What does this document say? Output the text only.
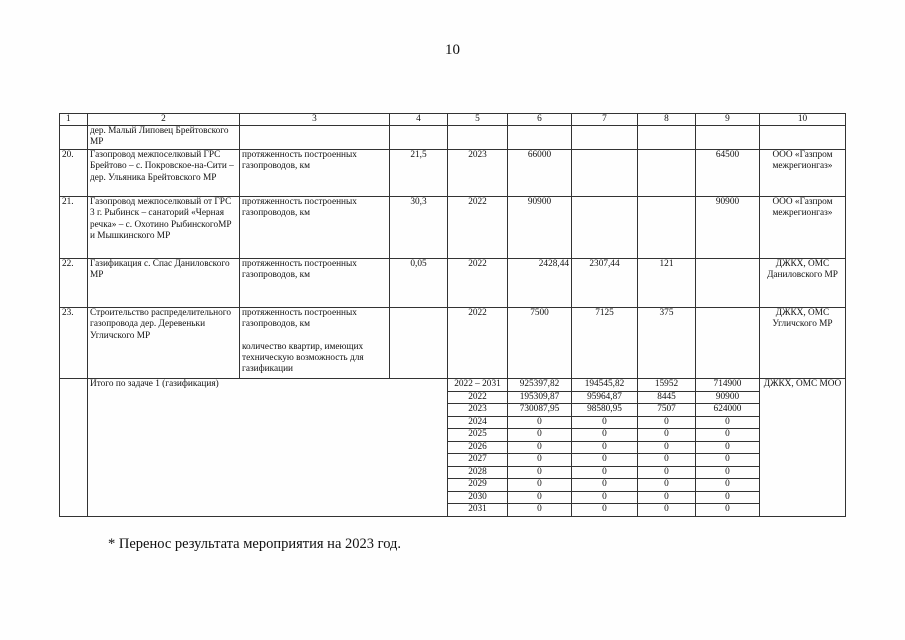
10
1	2	3	4	5	6	7	8	9	10
	дер. Малый Липовец Брейтовского МР								
20.	Газопровод межпоселковый ГРС Брейтово – с. Покровское-на-Сити – дер. Ульяника Брейтовского МР	протяженность построенных газопроводов, км	21,5	2023	66000			64500	ООО «Газпром межрегионгаз»
21.	Газопровод межпоселковый от ГРС 3 г. Рыбинск – санаторий «Черная речка» – с. Охотино РыбинскогоМР и Мышкинского МР	протяженность построенных газопроводов, км	30,3	2022	90900			90900	ООО «Газпром межрегионгаз»
22.	Газификация с. Спас Даниловского МР	протяженность построенных газопроводов, км	0,05	2022	2428,44	2307,44	121		ДЖКХ, ОМС Даниловского МР
23.	Строительство распределительного газопровода дер. Деревеньки Угличского МР	протяженность построенных газопроводов, км
количество квартир, имеющих техническую возможность для газификации		2022	7500	7125	375		ДЖКХ, ОМС Угличского МР
	Итого по задаче 1 (газификация)			2022 – 2031	925397,82	194545,82	15952	714900	ДЖКХ, ОМС МОО
				2022	195309,87	95964,87	8445	90900	
				2023	730087,95	98580,95	7507	624000	
				2024	0	0	0	0	
				2025	0	0	0	0	
				2026	0	0	0	0	
				2027	0	0	0	0	
				2028	0	0	0	0	
				2029	0	0	0	0	
				2030	0	0	0	0	
				2031	0	0	0	0	
* Перенос результата мероприятия на 2023 год.
